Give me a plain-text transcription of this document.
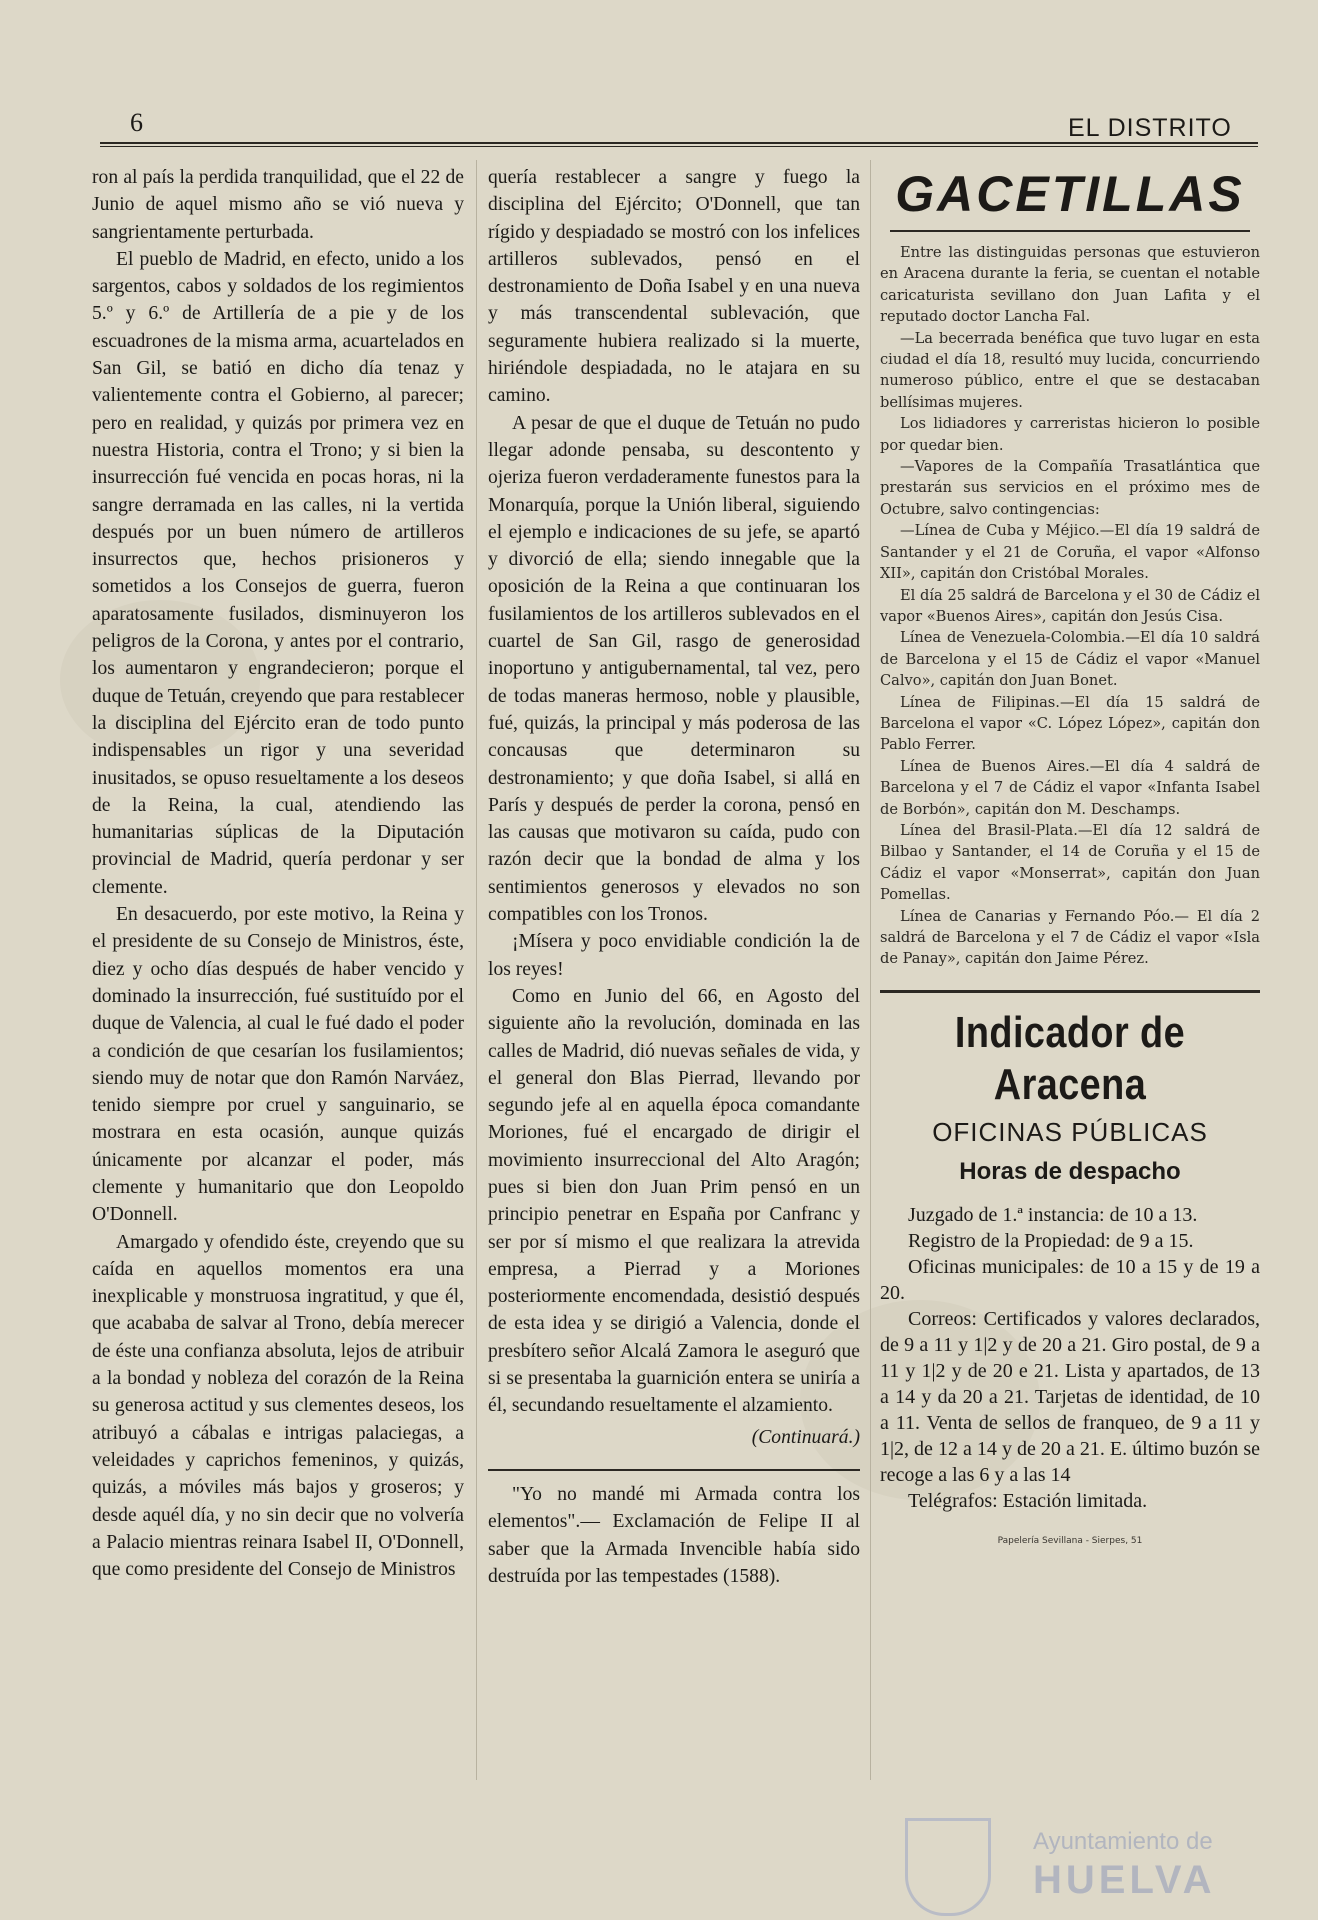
6	EL DISTRITO

ron al país la perdida tranquilidad, que el 22 de Junio de aquel mismo año se vió nueva y sangrientamente perturbada.

El pueblo de Madrid, en efecto, unido a los sargentos, cabos y soldados de los regimientos 5.º y 6.º de Artillería de a pie y de los escuadrones de la misma arma, acuartelados en San Gil, se batió en dicho día tenaz y valientemente contra el Gobierno, al parecer; pero en realidad, y quizás por primera vez en nuestra Historia, contra el Trono; y si bien la insurrección fué vencida en pocas horas, ni la sangre derramada en las calles, ni la vertida después por un buen número de artilleros insurrectos que, hechos prisioneros y sometidos a los Consejos de guerra, fueron aparatosamente fusilados, disminuyeron los peligros de la Corona, y antes por el contrario, los aumentaron y engrandecieron; porque el duque de Tetuán, creyendo que para restablecer la disciplina del Ejército eran de todo punto indispensables un rigor y una severidad inusitados, se opuso resueltamente a los deseos de la Reina, la cual, atendiendo las humanitarias súplicas de la Diputación provincial de Madrid, quería perdonar y ser clemente.

En desacuerdo, por este motivo, la Reina y el presidente de su Consejo de Ministros, éste, diez y ocho días después de haber vencido y dominado la insurrección, fué sustituído por el duque de Valencia, al cual le fué dado el poder a condición de que cesarían los fusilamientos; siendo muy de notar que don Ramón Narváez, tenido siempre por cruel y sanguinario, se mostrara en esta ocasión, aunque quizás únicamente por alcanzar el poder, más clemente y humanitario que don Leopoldo O'Donnell.

Amargado y ofendido éste, creyendo que su caída en aquellos momentos era una inexplicable y monstruosa ingratitud, y que él, que acababa de salvar al Trono, debía merecer de éste una confianza absoluta, lejos de atribuir a la bondad y nobleza del corazón de la Reina su generosa actitud y sus clementes deseos, los atribuyó a cábalas e intrigas palaciegas, a veleidades y caprichos femeninos, y quizás, quizás, a móviles más bajos y groseros; y desde aquél día, y no sin decir que no volvería a Palacio mientras reinara Isabel II, O'Donnell, que como presidente del Consejo de Ministros

quería restablecer a sangre y fuego la disciplina del Ejército; O'Donnell, que tan rígido y despiadado se mostró con los infelices artilleros sublevados, pensó en el destronamiento de Doña Isabel y en una nueva y más transcendental sublevación, que seguramente hubiera realizado si la muerte, hiriéndole despiadada, no le atajara en su camino.

A pesar de que el duque de Tetuán no pudo llegar adonde pensaba, su descontento y ojeriza fueron verdaderamente funestos para la Monarquía, porque la Unión liberal, siguiendo el ejemplo e indicaciones de su jefe, se apartó y divorció de ella; siendo innegable que la oposición de la Reina a que continuaran los fusilamientos de los artilleros sublevados en el cuartel de San Gil, rasgo de generosidad inoportuno y antigubernamental, tal vez, pero de todas maneras hermoso, noble y plausible, fué, quizás, la principal y más poderosa de las concausas que determinaron su destronamiento; y que doña Isabel, si allá en París y después de perder la corona, pensó en las causas que motivaron su caída, pudo con razón decir que la bondad de alma y los sentimientos generosos y elevados no son compatibles con los Tronos.

¡Mísera y poco envidiable condición la de los reyes!

Como en Junio del 66, en Agosto del siguiente año la revolución, dominada en las calles de Madrid, dió nuevas señales de vida, y el general don Blas Pierrad, llevando por segundo jefe al en aquella época comandante Moriones, fué el encargado de dirigir el movimiento insurreccional del Alto Aragón; pues si bien don Juan Prim pensó en un principio penetrar en España por Canfranc y ser por sí mismo el que realizara la atrevida empresa, a Pierrad y a Moriones posteriormente encomendada, desistió después de esta idea y se dirigió a Valencia, donde el presbítero señor Alcalá Zamora le aseguró que si se presentaba la guarnición entera se uniría a él, secundando resueltamente el alzamiento.

(Continuará.)

"Yo no mandé mi Armada contra los elementos".— Exclamación de Felipe II al saber que la Armada Invencible había sido destruída por las tempestades (1588).

GACETILLAS

Entre las distinguidas personas que estuvieron en Aracena durante la feria, se cuentan el notable caricaturista sevillano don Juan Lafita y el reputado doctor Lancha Fal.

—La becerrada benéfica que tuvo lugar en esta ciudad el día 18, resultó muy lucida, concurriendo numeroso público, entre el que se destacaban bellísimas mujeres.

Los lidiadores y carreristas hicieron lo posible por quedar bien.

—Vapores de la Compañía Trasatlántica que prestarán sus servicios en el próximo mes de Octubre, salvo contingencias:

—Línea de Cuba y Méjico.—El día 19 saldrá de Santander y el 21 de Coruña, el vapor «Alfonso XII», capitán don Cristóbal Morales.

El día 25 saldrá de Barcelona y el 30 de Cádiz el vapor «Buenos Aires», capitán don Jesús Cisa.

Línea de Venezuela-Colombia.—El día 10 saldrá de Barcelona y el 15 de Cádiz el vapor «Manuel Calvo», capitán don Juan Bonet.

Línea de Filipinas.—El día 15 saldrá de Barcelona el vapor «C. López López», capitán don Pablo Ferrer.

Línea de Buenos Aires.—El día 4 saldrá de Barcelona y el 7 de Cádiz el vapor «Infanta Isabel de Borbón», capitán don M. Deschamps.

Línea del Brasil-Plata.—El día 12 saldrá de Bilbao y Santander, el 14 de Coruña y el 15 de Cádiz el vapor «Monserrat», capitán don Juan Pomellas.

Línea de Canarias y Fernando Póo.— El día 2 saldrá de Barcelona y el 7 de Cádiz el vapor «Isla de Panay», capitán don Jaime Pérez.

Indicador de Aracena
OFICINAS PÚBLICAS
Horas de despacho

Juzgado de 1.ª instancia: de 10 a 13.

Registro de la Propiedad: de 9 a 15.

Oficinas municipales: de 10 a 15 y de 19 a 20.

Correos: Certificados y valores declarados, de 9 a 11 y 1|2 y de 20 a 21. Giro postal, de 9 a 11 y 1|2 y de 20 e 21. Lista y apartados, de 13 a 14 y da 20 a 21. Tarjetas de identidad, de 10 a 11. Venta de sellos de franqueo, de 9 a 11 y 1|2, de 12 a 14 y de 20 a 21. E. último buzón se recoge a las 6 y a las 14

Telégrafos: Estación limitada.

Papelería Sevillana - Sierpes, 51
Ayuntamiento de
HUELVA
